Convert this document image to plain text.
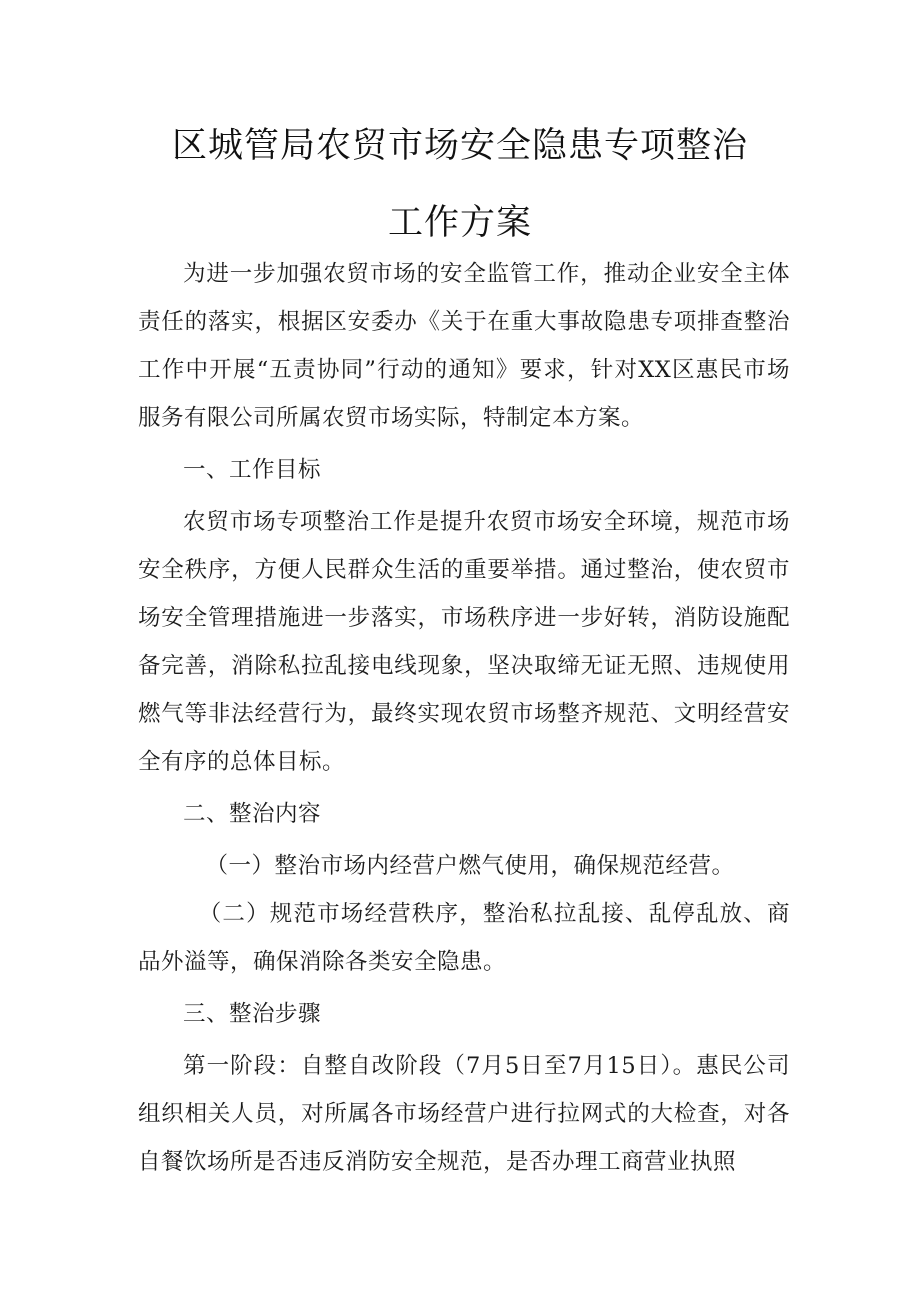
区城管局农贸市场安全隐患专项整治
工作方案

为进一步加强农贸市场的安全监管工作，推动企业安全主体责任的落实，根据区安委办《关于在重大事故隐患专项排查整治工作中开展“五责协同”行动的通知》要求，针对XX区惠民市场服务有限公司所属农贸市场实际，特制定本方案。

一、工作目标

农贸市场专项整治工作是提升农贸市场安全环境，规范市场安全秩序，方便人民群众生活的重要举措。通过整治，使农贸市场安全管理措施进一步落实，市场秩序进一步好转，消防设施配备完善，消除私拉乱接电线现象，坚决取缔无证无照、违规使用燃气等非法经营行为，最终实现农贸市场整齐规范、文明经营安全有序的总体目标。

二、整治内容

（一）整治市场内经营户燃气使用，确保规范经营。

（二）规范市场经营秩序，整治私拉乱接、乱停乱放、商品外溢等，确保消除各类安全隐患。

三、整治步骤

第一阶段：自整自改阶段（7月5日至7月15日）。惠民公司组织相关人员，对所属各市场经营户进行拉网式的大检查，对各自餐饮场所是否违反消防安全规范，是否办理工商营业执照
